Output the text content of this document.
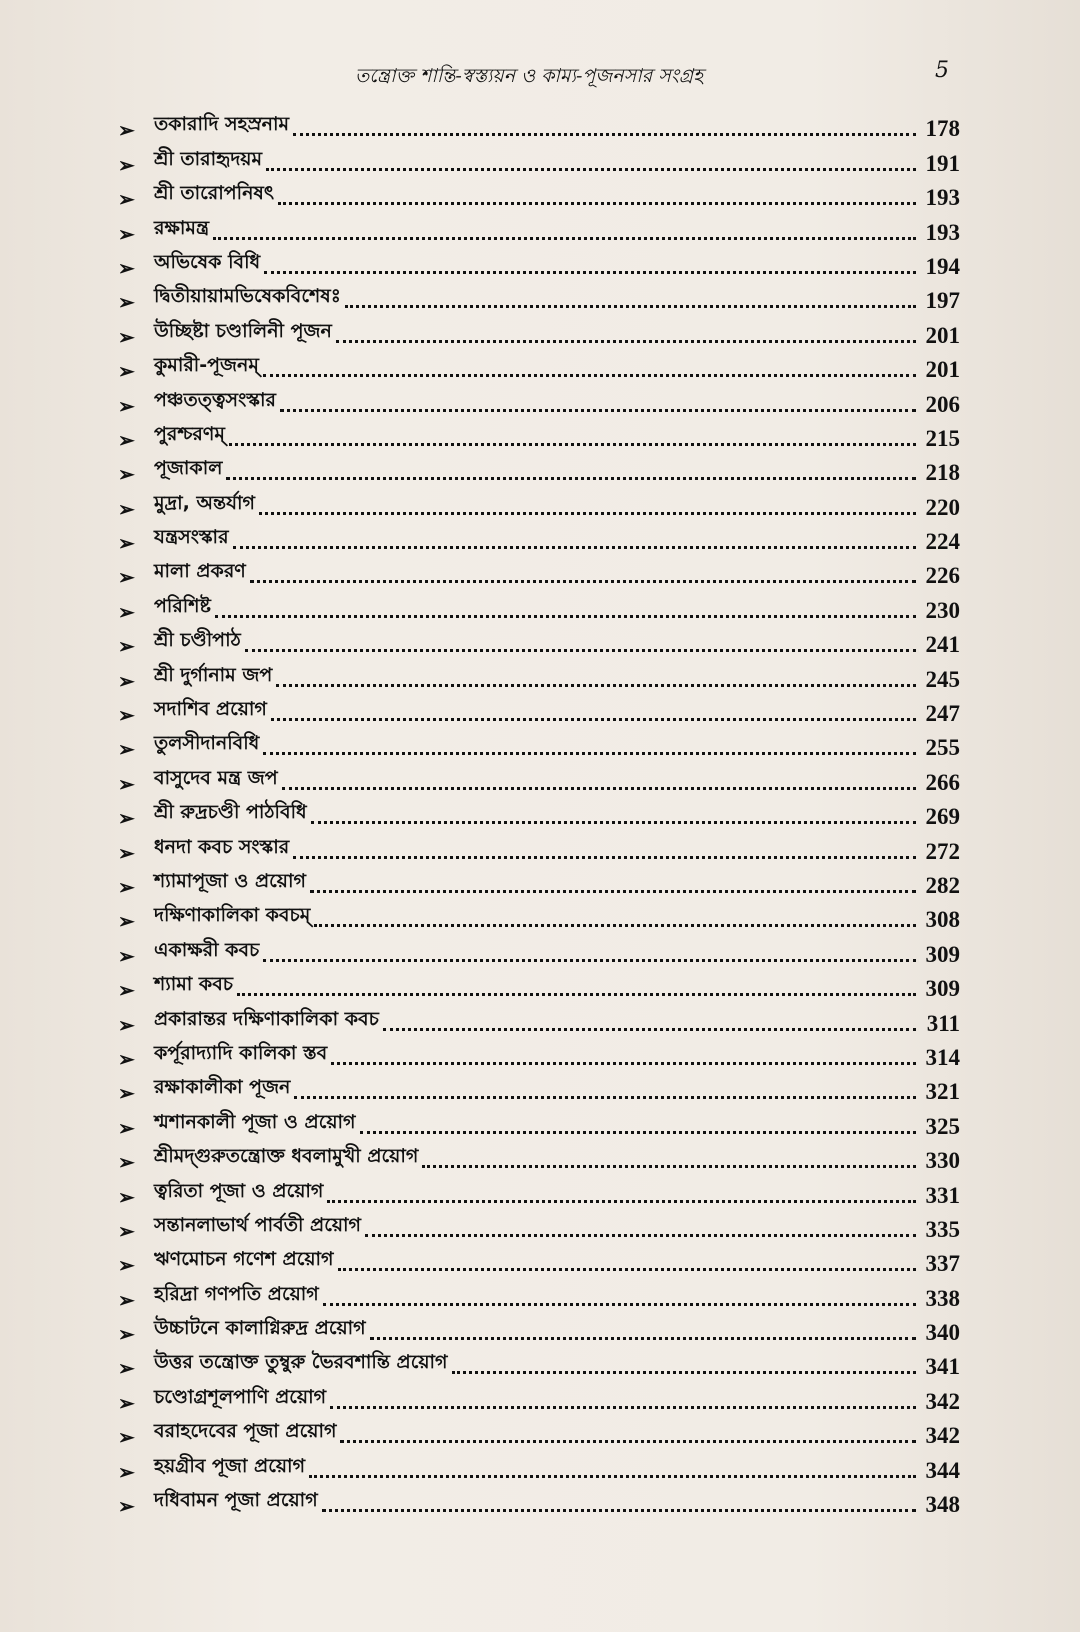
তন্ত্রোক্ত শান্তি-স্বস্ত্যয়ন ও কাম্য-পূজনসার সংগ্রহ	5
➢	তকারাদি সহস্রনাম	178
➢	শ্রী তারাহৃদয়ম	191
➢	শ্রী তারোপনিষৎ	193
➢	রক্ষামন্ত্র	193
➢	অভিষেক বিধি	194
➢	দ্বিতীয়ায়ামভিষেকবিশেষঃ	197
➢	উচ্ছিষ্টা চণ্ডালিনী পূজন	201
➢	কুমারী-পূজনম্	201
➢	পঞ্চতত্ত্বসংস্কার	206
➢	পুরশ্চরণম্	215
➢	পূজাকাল	218
➢	মুদ্রা, অন্তর্যাগ	220
➢	যন্ত্রসংস্কার	224
➢	মালা প্রকরণ	226
➢	পরিশিষ্ট	230
➢	শ্রী চণ্ডীপাঠ	241
➢	শ্রী দুর্গানাম জপ	245
➢	সদাশিব প্রয়োগ	247
➢	তুলসীদানবিধি	255
➢	বাসুদেব মন্ত্র জপ	266
➢	শ্রী রুদ্রচণ্ডী পাঠবিধি	269
➢	ধনদা কবচ সংস্কার	272
➢	শ্যামাপূজা ও প্রয়োগ	282
➢	দক্ষিণাকালিকা কবচম্	308
➢	একাক্ষরী কবচ	309
➢	শ্যামা কবচ	309
➢	প্রকারান্তর দক্ষিণাকালিকা কবচ	311
➢	কর্পূরাদ্যাদি কালিকা স্তব	314
➢	রক্ষাকালীকা পূজন	321
➢	শ্মশানকালী পূজা ও প্রয়োগ	325
➢	শ্রীমদ্গুরুতন্ত্রোক্ত ধবলামুখী প্রয়োগ	330
➢	ত্বরিতা পূজা ও প্রয়োগ	331
➢	সন্তানলাভার্থ পার্বতী প্রয়োগ	335
➢	ঋণমোচন গণেশ প্রয়োগ	337
➢	হরিদ্রা গণপতি প্রয়োগ	338
➢	উচ্চাটনে কালাগ্নিরুদ্র প্রয়োগ	340
➢	উত্তর তন্ত্রোক্ত তুম্বুরু ভৈরবশান্তি প্রয়োগ	341
➢	চণ্ডোগ্রশূলপাণি প্রয়োগ	342
➢	বরাহদেবের পূজা প্রয়োগ	342
➢	হয়গ্রীব পূজা প্রয়োগ	344
➢	দধিবামন পূজা প্রয়োগ	348
